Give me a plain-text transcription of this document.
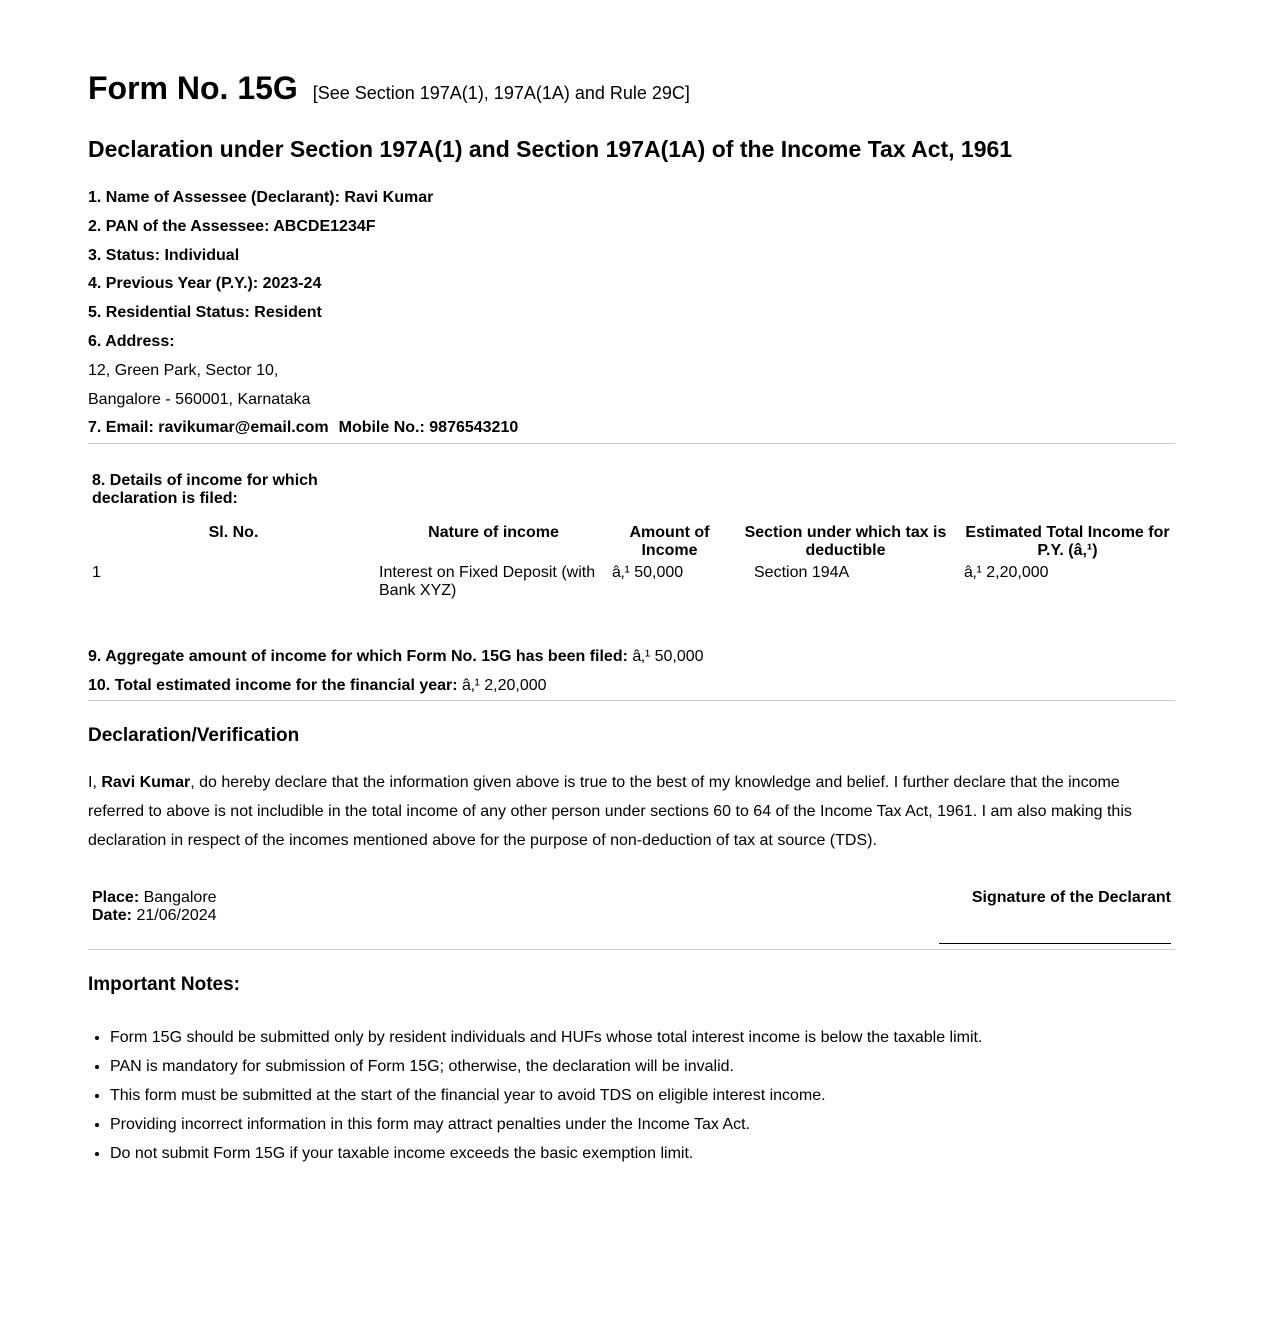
Form No. 15G [See Section 197A(1), 197A(1A) and Rule 29C]
Declaration under Section 197A(1) and Section 197A(1A) of the Income Tax Act, 1961
1. Name of Assessee (Declarant): Ravi Kumar
2. PAN of the Assessee: ABCDE1234F
3. Status: Individual
4. Previous Year (P.Y.): 2023-24
5. Residential Status: Resident
6. Address:
12, Green Park, Sector 10,
Bangalore - 560001, Karnataka
7. Email: ravikumar@email.com Mobile No.: 9876543210
8. Details of income for which
declaration is filed:				

Sl. No.	Nature of income	Amount of Income	Section under which tax is deductible	Estimated Total Income for P.Y. (â‚¹)
1	Interest on Fixed Deposit (with Bank XYZ)	â‚¹ 50,000	Section 194A	â‚¹ 2,20,000
9. Aggregate amount of income for which Form No. 15G has been filed: â‚¹ 50,000
10. Total estimated income for the financial year: â‚¹ 2,20,000
Declaration/Verification
I, Ravi Kumar, do hereby declare that the information given above is true to the best of my knowledge and belief. I further declare that the income referred to above is not includible in the total income of any other person under sections 60 to 64 of the Income Tax Act, 1961. I am also making this declaration in respect of the incomes mentioned above for the purpose of non-deduction of tax at source (TDS).
Place: Bangalore
Date: 21/06/2024
Signature of the Declarant
Important Notes:
• Form 15G should be submitted only by resident individuals and HUFs whose total interest income is below the taxable limit.
• PAN is mandatory for submission of Form 15G; otherwise, the declaration will be invalid.
• This form must be submitted at the start of the financial year to avoid TDS on eligible interest income.
• Providing incorrect information in this form may attract penalties under the Income Tax Act.
• Do not submit Form 15G if your taxable income exceeds the basic exemption limit.
